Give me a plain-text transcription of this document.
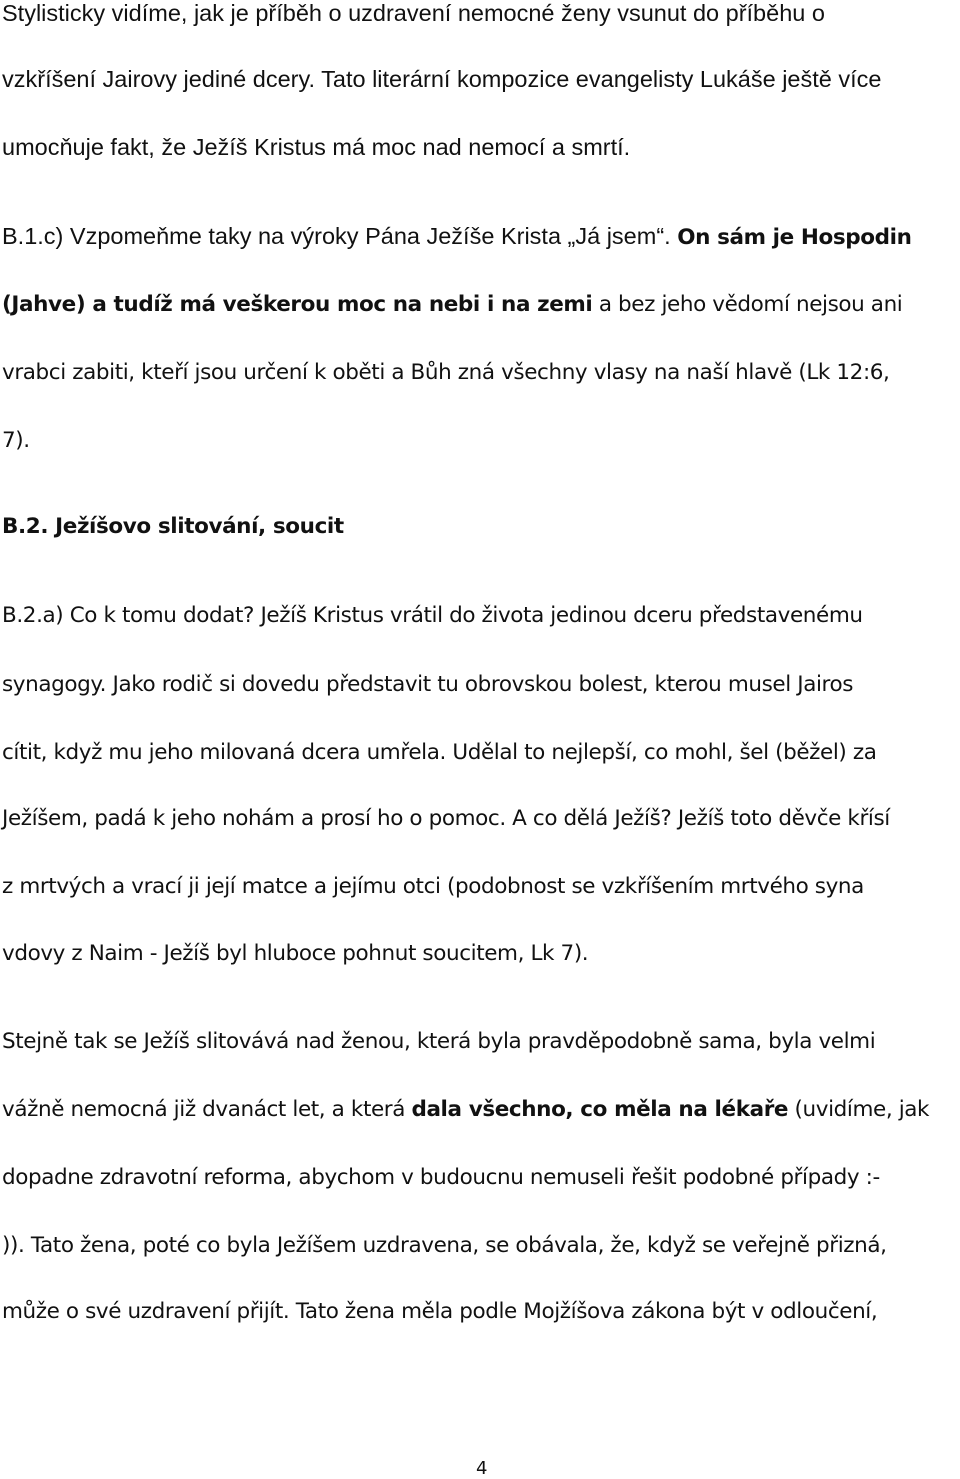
Stylisticky vidíme, jak je příběh o uzdravení nemocné ženy vsunut do příběhu o
vzkříšení Jairovy jediné dcery. Tato literární kompozice evangelisty Lukáše ještě více
umocňuje fakt, že Ježíš Kristus má moc nad nemocí a smrtí.
B.1.c) Vzpomeňme taky na výroky Pána Ježíše Krista „Já jsem“. On sám je Hospodin
(Jahve) a tudíž má veškerou moc na nebi i na zemi a bez jeho vědomí nejsou ani
vrabci zabiti, kteří jsou určení k oběti a Bůh zná všechny vlasy na naší hlavě (Lk 12:6,
7).
B.2. Ježíšovo slitování, soucit
B.2.a) Co k tomu dodat? Ježíš Kristus vrátil do života jedinou dceru představenému
synagogy. Jako rodič si dovedu představit tu obrovskou bolest, kterou musel Jairos
cítit, když mu jeho milovaná dcera umřela. Udělal to nejlepší, co mohl, šel (běžel) za
Ježíšem, padá k jeho nohám a prosí ho o pomoc. A co dělá Ježíš? Ježíš toto děvče křísí
z mrtvých a vrací ji její matce a jejímu otci (podobnost se vzkříšením mrtvého syna
vdovy z Naim - Ježíš byl hluboce pohnut soucitem, Lk 7).
Stejně tak se Ježíš slitovává nad ženou, která byla pravděpodobně sama, byla velmi
vážně nemocná již dvanáct let, a která dala všechno, co měla na lékaře (uvidíme, jak
dopadne zdravotní reforma, abychom v budoucnu nemuseli řešit podobné případy :-
)). Tato žena, poté co byla Ježíšem uzdravena, se obávala, že, když se veřejně přizná,
může o své uzdravení přijít. Tato žena měla podle Mojžíšova zákona být v odloučení,
4
